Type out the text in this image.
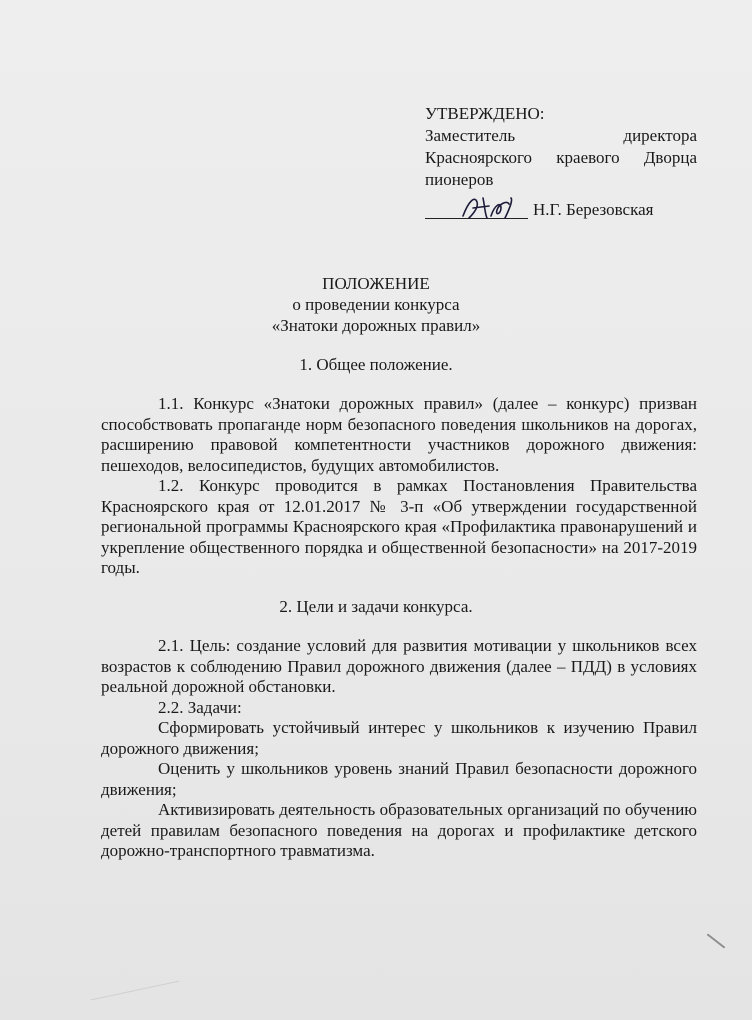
УТВЕРЖДЕНО:
Заместитель директора
Красноярского краевого Дворца
пионеров
Н.Г. Березовская
ПОЛОЖЕНИЕ
о проведении конкурса
«Знатоки дорожных правил»
1. Общее положение.

1.1. Конкурс «Знатоки дорожных правил» (далее – конкурс) призван способствовать пропаганде норм безопасного поведения школьников на дорогах, расширению правовой компетентности участников дорожного движения: пешеходов, велосипедистов, будущих автомобилистов.

1.2. Конкурс проводится в рамках Постановления Правительства Красноярского края от 12.01.2017 № 3-п «Об утверждении государственной региональной программы Красноярского края «Профилактика правонарушений и укрепление общественного порядка и общественной безопасности» на 2017-2019 годы.

2. Цели и задачи конкурса.

2.1. Цель: создание условий для развития мотивации у школьников всех возрастов к соблюдению Правил дорожного движения (далее – ПДД) в условиях реальной дорожной обстановки.

2.2. Задачи:

Сформировать устойчивый интерес у школьников к изучению Правил дорожного движения;

Оценить у школьников уровень знаний Правил безопасности дорожного движения;

Активизировать деятельность образовательных организаций по обучению детей правилам безопасного поведения на дорогах и профилактике детского дорожно-транспортного травматизма.
